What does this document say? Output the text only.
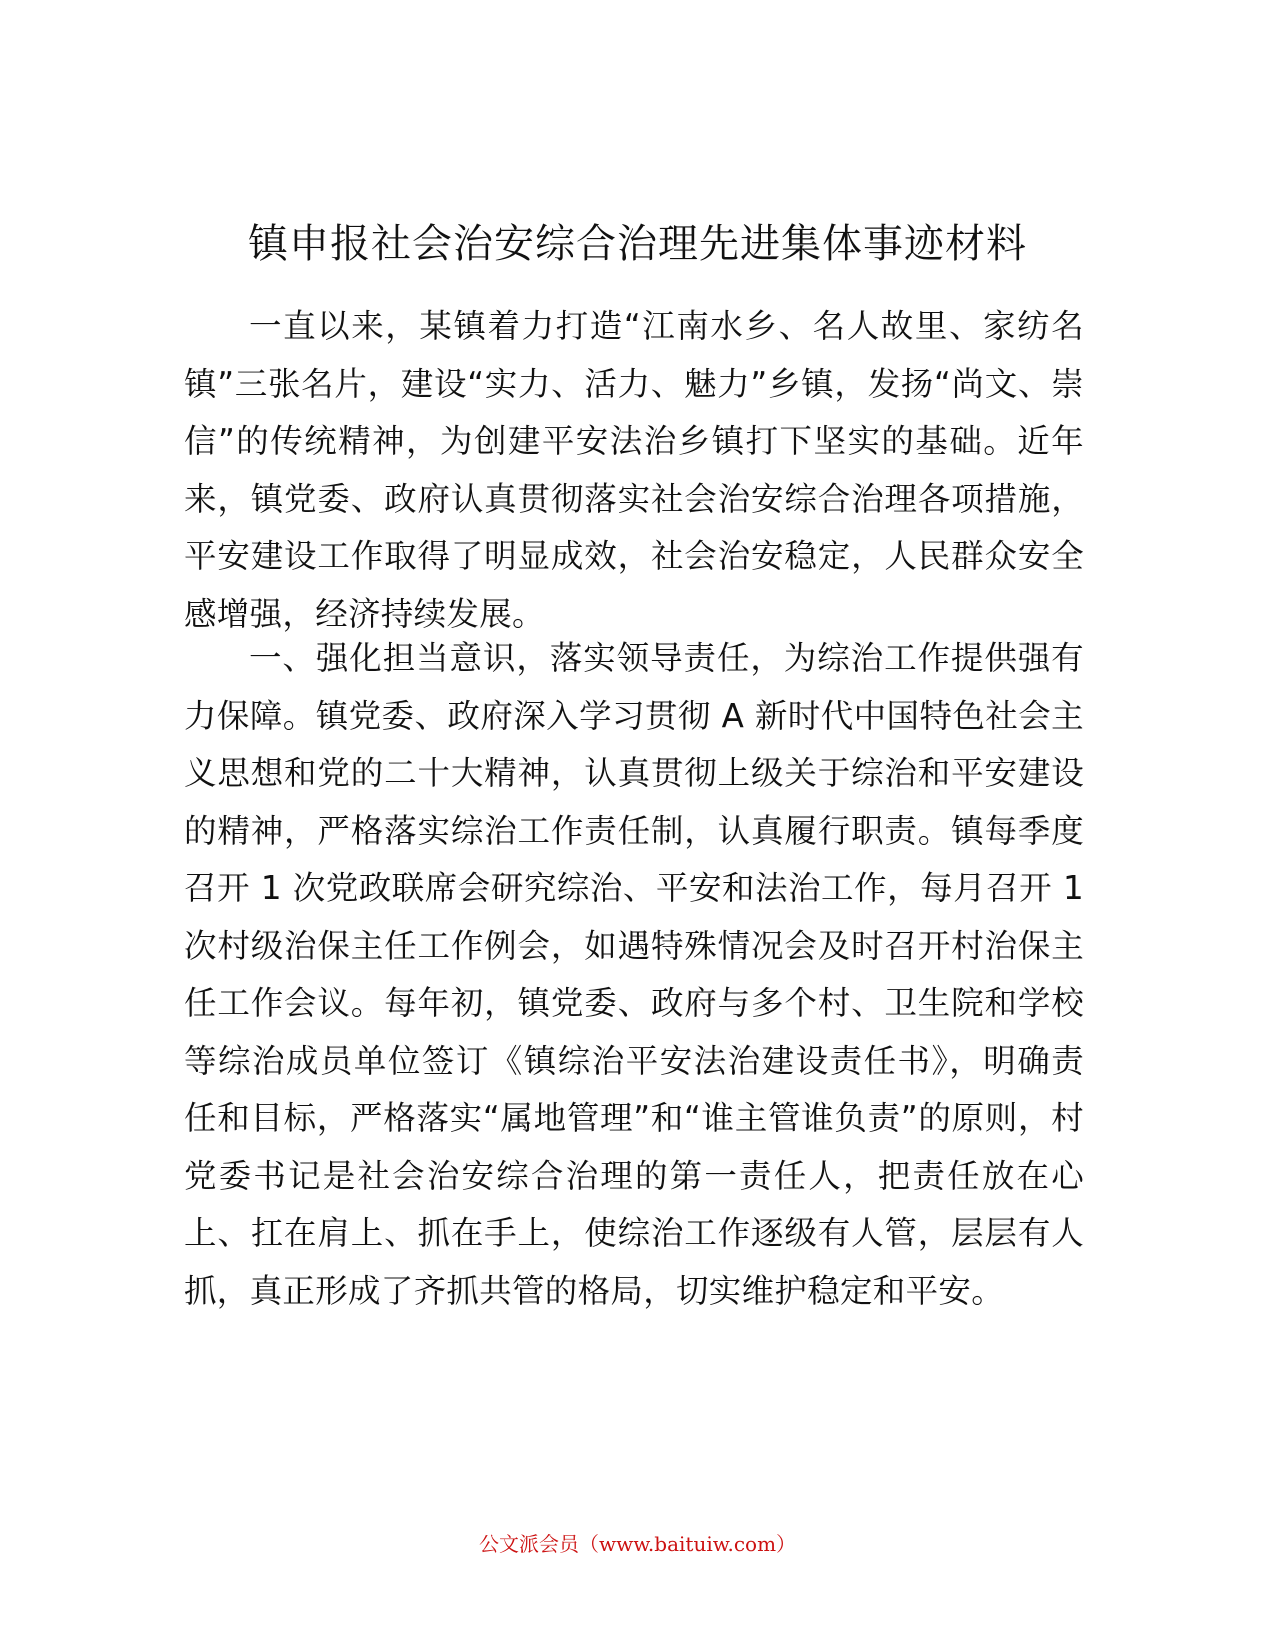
镇申报社会治安综合治理先进集体事迹材料

一直以来，某镇着力打造“江南水乡、名人故里、家纺名镇”三张名片，建设“实力、活力、魅力”乡镇，发扬“尚文、崇信”的传统精神，为创建平安法治乡镇打下坚实的基础。近年来，镇党委、政府认真贯彻落实社会治安综合治理各项措施，平安建设工作取得了明显成效，社会治安稳定，人民群众安全感增强，经济持续发展。

一、强化担当意识，落实领导责任，为综治工作提供强有力保障。镇党委、政府深入学习贯彻 A 新时代中国特色社会主义思想和党的二十大精神，认真贯彻上级关于综治和平安建设的精神，严格落实综治工作责任制，认真履行职责。镇每季度召开 1 次党政联席会研究综治、平安和法治工作，每月召开 1 次村级治保主任工作例会，如遇特殊情况会及时召开村治保主任工作会议。每年初，镇党委、政府与多个村、卫生院和学校等综治成员单位签订《镇综治平安法治建设责任书》，明确责任和目标，严格落实“属地管理”和“谁主管谁负责”的原则，村党委书记是社会治安综合治理的第一责任人，把责任放在心上、扛在肩上、抓在手上，使综治工作逐级有人管，层层有人抓，真正形成了齐抓共管的格局，切实维护稳定和平安。

公文派会员（www.baituiw.com）
